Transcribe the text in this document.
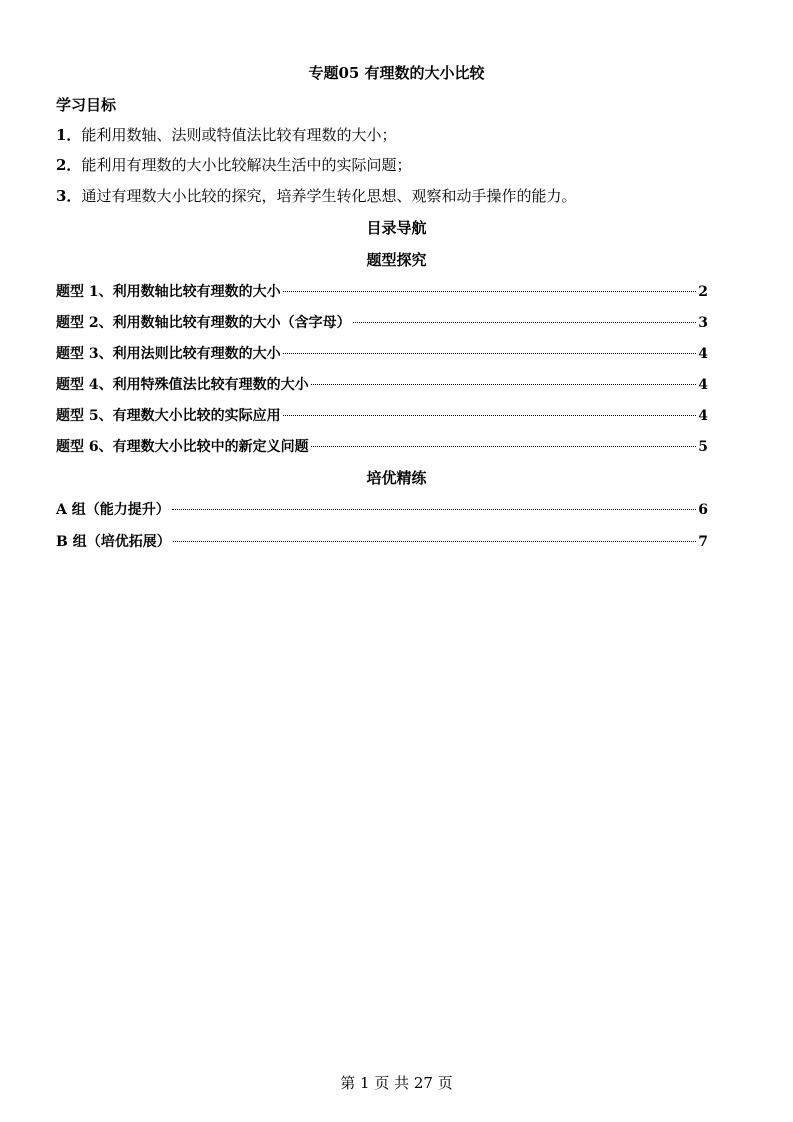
专题05 有理数的大小比较
学习目标
1．能利用数轴、法则或特值法比较有理数的大小；
2．能利用有理数的大小比较解决生活中的实际问题；
3．通过有理数大小比较的探究，培养学生转化思想、观察和动手操作的能力。
目录导航
题型探究
题型 1、利用数轴比较有理数的大小	2
题型 2、利用数轴比较有理数的大小（含字母）	3
题型 3、利用法则比较有理数的大小	4
题型 4、利用特殊值法比较有理数的大小	4
题型 5、有理数大小比较的实际应用	4
题型 6、有理数大小比较中的新定义问题	5
培优精练
A 组（能力提升）	6
B 组（培优拓展）	7
第 1 页 共 27 页
